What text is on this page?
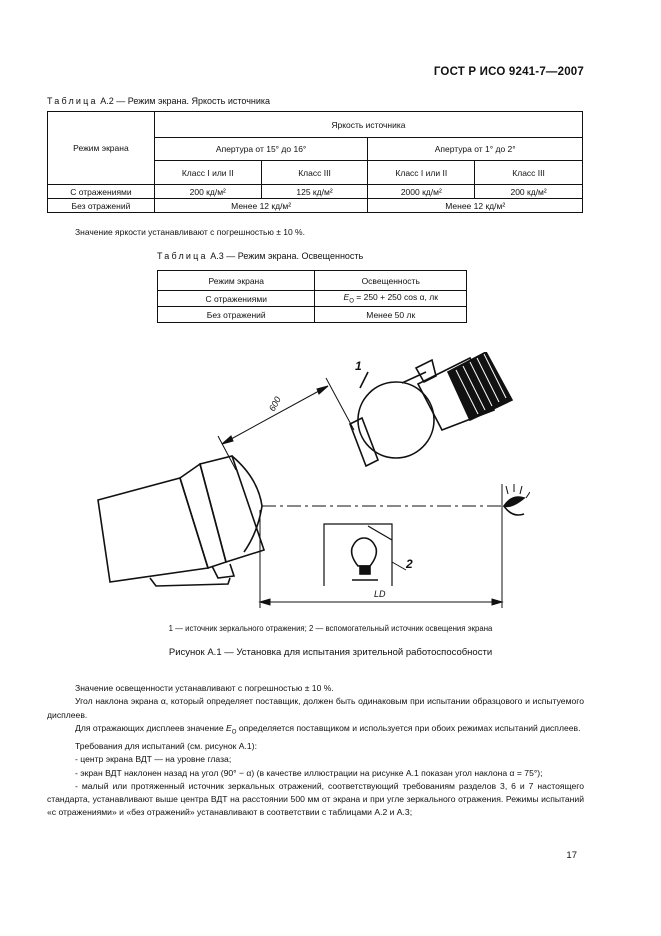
ГОСТ Р ИСО 9241-7—2007
Таблица А.2 — Режим экрана. Яркость источника
Режим экрана	Яркость источника			
	Апертура от 15° до 16°		Апертура от 1° до 2°	
	Класс I или II	Класс III	Класс I или II	Класс III
С отражениями	200 кд/м²	125 кд/м²	2000 кд/м²	200 кд/м²
Без отражений	Менее 12 кд/м²		Менее 12 кд/м²	
Значение яркости устанавливают с погрешностью ± 10 %.
Таблица А.3 — Режим экрана. Освещенность
Режим экрана	Освещенность
С отражениями	$E_O = 250 + 250$ cos α, лк
Без отражений	Менее 50 лк
600
1
2
LD
1 — источник зеркального отражения; 2 — вспомогательный источник освещения экрана
Рисунок А.1 — Установка для испытания зрительной работоспособности

Значение освещенности устанавливают с погрешностью ± 10 %.

Угол наклона экрана α, который определяет поставщик, должен быть одинаковым при испытании образцового и испытуемого дисплеев.

Для отражающих дисплеев значение $E_O$ определяется поставщиком и используется при обоих режимах испытаний дисплеев.

Требования для испытаний (см. рисунок А.1):

- центр экрана ВДТ — на уровне глаза;

- экран ВДТ наклонен назад на угол (90° − α) (в качестве иллюстрации на рисунке А.1 показан угол наклона α = 75°);

- малый или протяженный источник зеркальных отражений, соответствующий требованиям разделов 3, 6 и 7 настоящего стандарта, устанавливают выше центра ВДТ на расстоянии 500 мм от экрана и при угле зеркального отражения. Режимы испытаний «с отражениями» и «без отражений» устанавливают в соответствии с таблицами А.2 и А.3;

17
